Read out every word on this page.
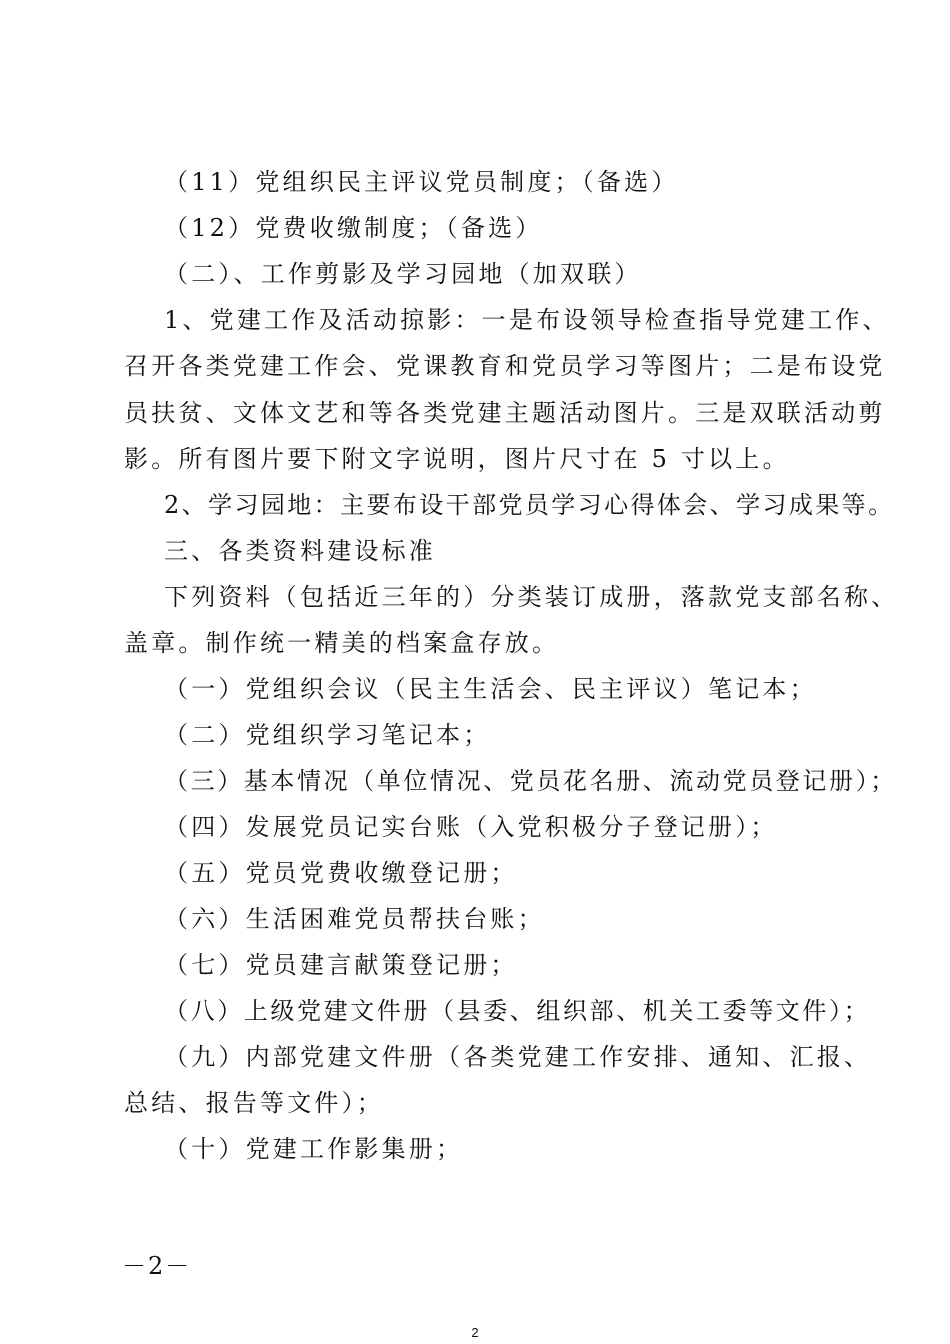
（11）党组织民主评议党员制度；（备选）
（12）党费收缴制度；（备选）
（二）、工作剪影及学习园地（加双联）
1、党建工作及活动掠影：一是布设领导检查指导党建工作、
召开各类党建工作会、党课教育和党员学习等图片；二是布设党
员扶贫、文体文艺和等各类党建主题活动图片。三是双联活动剪
影。所有图片要下附文字说明，图片尺寸在 5 寸以上。
2、学习园地：主要布设干部党员学习心得体会、学习成果等。
三、各类资料建设标准
下列资料（包括近三年的）分类装订成册，落款党支部名称、
盖章。制作统一精美的档案盒存放。
（一）党组织会议（民主生活会、民主评议）笔记本；
（二）党组织学习笔记本；
（三）基本情况（单位情况、党员花名册、流动党员登记册）；
（四）发展党员记实台账（入党积极分子登记册）；
（五）党员党费收缴登记册；
（六）生活困难党员帮扶台账；
（七）党员建言献策登记册；
（八）上级党建文件册（县委、组织部、机关工委等文件）；
（九）内部党建文件册（各类党建工作安排、通知、汇报、
总结、报告等文件）；
（十）党建工作影集册；
－2－
2
